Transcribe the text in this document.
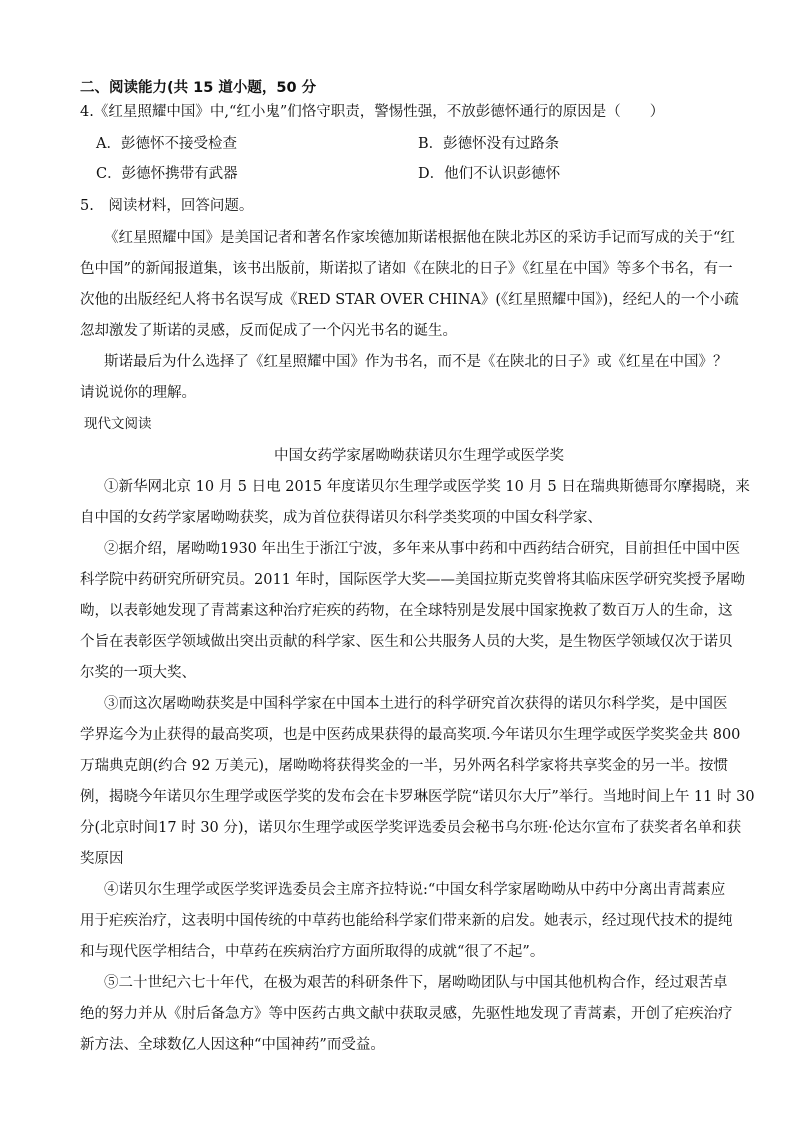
二、阅读能力(共 15 道小题，50 分
4.《红星照耀中国》中,“红小鬼”们恪守职责，警惕性强，不放彭德怀通行的原因是（　　）
A．彭德怀不接受检查	B．彭德怀没有过路条
C．彭德怀携带有武器	D．他们不认识彭德怀
5.　阅读材料，回答问题。
《红星照耀中国》是美国记者和著名作家埃德加斯诺根据他在陕北苏区的采访手记而写成的关于“红
色中国”的新闻报道集，该书出版前，斯诺拟了诸如《在陕北的日子》《红星在中国》等多个书名，有一
次他的出版经纪人将书名误写成《RED STAR OVER CHINA》(《红星照耀中国》)，经纪人的一个小疏
忽却激发了斯诺的灵感，反而促成了一个闪光书名的诞生。
斯诺最后为什么选择了《红星照耀中国》作为书名，而不是《在陕北的日子》或《红星在中国》？
请说说你的理解。
现代文阅读
中国女药学家屠呦呦获诺贝尔生理学或医学奖
①新华网北京 10 月 5 日电 2015 年度诺贝尔生理学或医学奖 10 月 5 日在瑞典斯德哥尔摩揭晓，来
自中国的女药学家屠呦呦获奖，成为首位获得诺贝尔科学类奖项的中国女科学家、
②据介绍，屠呦呦1930 年出生于浙江宁波，多年来从事中药和中西药结合研究，目前担任中国中医
科学院中药研究所研究员。2011 年时，国际医学大奖——美国拉斯克奖曾将其临床医学研究奖授予屠呦
呦，以表彰她发现了青蒿素这种治疗疟疾的药物，在全球特别是发展中国家挽救了数百万人的生命，这
个旨在表彰医学领域做出突出贡献的科学家、医生和公共服务人员的大奖，是生物医学领域仅次于诺贝
尔奖的一项大奖、
③而这次屠呦呦获奖是中国科学家在中国本土进行的科学研究首次获得的诺贝尔科学奖，是中国医
学界迄今为止获得的最高奖项，也是中医药成果获得的最高奖项.今年诺贝尔生理学或医学奖奖金共 800
万瑞典克朗(约合 92 万美元)，屠呦呦将获得奖金的一半，另外两名科学家将共享奖金的另一半。按惯
例，揭晓今年诺贝尔生理学或医学奖的发布会在卡罗琳医学院“诺贝尔大厅”举行。当地时间上午 11 时 30
分(北京时间17 时 30 分)，诺贝尔生理学或医学奖评选委员会秘书乌尔班·伦达尔宣布了获奖者名单和获
奖原因
④诺贝尔生理学或医学奖评选委员会主席齐拉特说:“中国女科学家屠呦呦从中药中分离出青蒿素应
用于疟疾治疗，这表明中国传统的中草药也能给科学家们带来新的启发。她表示，经过现代技术的提纯
和与现代医学相结合，中草药在疾病治疗方面所取得的成就“很了不起”。
⑤二十世纪六七十年代，在极为艰苦的科研条件下，屠呦呦团队与中国其他机构合作，经过艰苦卓
绝的努力并从《肘后备急方》等中医药古典文献中获取灵感，先驱性地发现了青蒿素，开创了疟疾治疗
新方法、全球数亿人因这种“中国神药”而受益。
